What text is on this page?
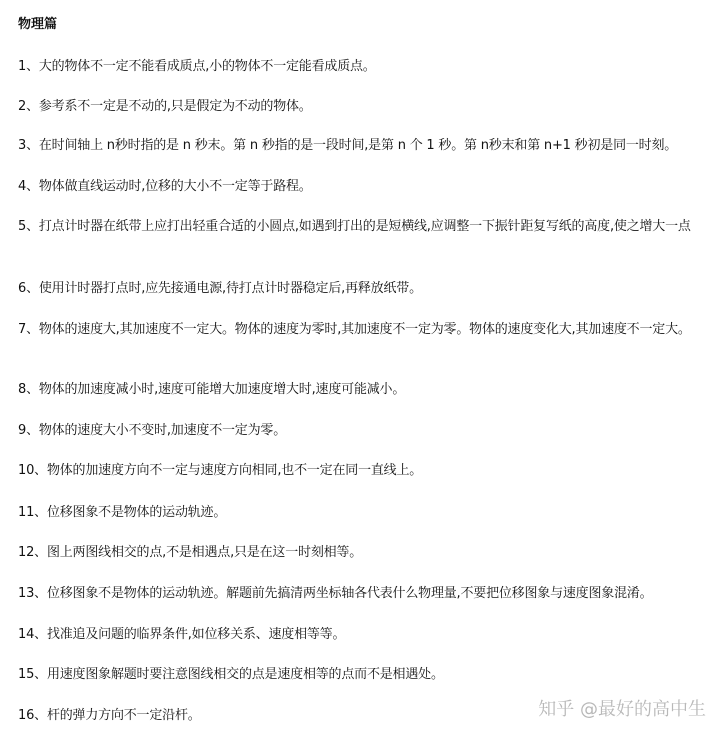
物理篇
1、大的物体不一定不能看成质点,小的物体不一定能看成质点。
2、参考系不一定是不动的,只是假定为不动的物体。
3、在时间轴上 n秒时指的是 n 秒末。第 n 秒指的是一段时间,是第 n 个 1 秒。第 n秒末和第 n+1 秒初是同一时刻。
4、物体做直线运动时,位移的大小不一定等于路程。
5、打点计时器在纸带上应打出轻重合适的小圆点,如遇到打出的是短横线,应调整一下振针距复写纸的高度,使之增大一点
6、使用计时器打点时,应先接通电源,待打点计时器稳定后,再释放纸带。
7、物体的速度大,其加速度不一定大。物体的速度为零时,其加速度不一定为零。物体的速度变化大,其加速度不一定大。
8、物体的加速度减小时,速度可能增大加速度增大时,速度可能减小。
9、物体的速度大小不变时,加速度不一定为零。
10、物体的加速度方向不一定与速度方向相同,也不一定在同一直线上。
11、位移图象不是物体的运动轨迹。
12、图上两图线相交的点,不是相遇点,只是在这一时刻相等。
13、位移图象不是物体的运动轨迹。解题前先搞清两坐标轴各代表什么物理量,不要把位移图象与速度图象混淆。
14、找准追及问题的临界条件,如位移关系、速度相等等。
15、用速度图象解题时要注意图线相交的点是速度相等的点而不是相遇处。
16、杆的弹力方向不一定沿杆。	知乎 @最好的高中生
